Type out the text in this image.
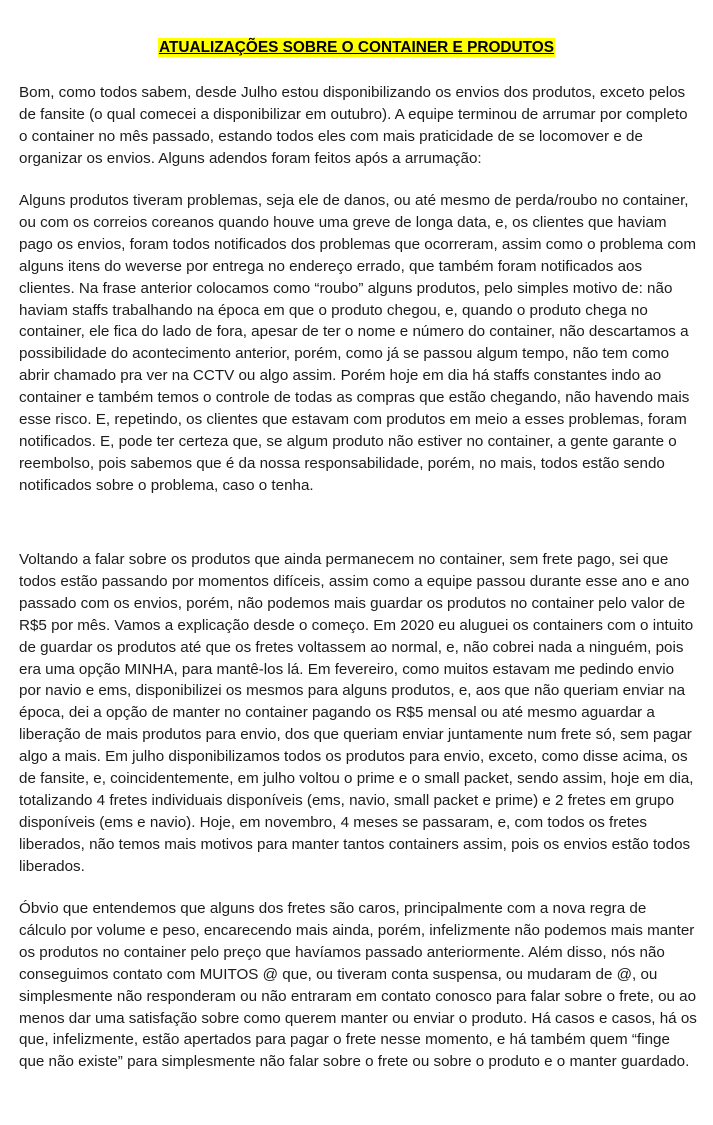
ATUALIZAÇÕES SOBRE O CONTAINER E PRODUTOS

Bom, como todos sabem, desde Julho estou disponibilizando os envios dos produtos, exceto pelos de fansite (o qual comecei a disponibilizar em outubro). A equipe terminou de arrumar por completo o container no mês passado, estando todos eles com mais praticidade de se locomover e de organizar os envios. Alguns adendos foram feitos após a arrumação:

Alguns produtos tiveram problemas, seja ele de danos, ou até mesmo de perda/roubo no container, ou com os correios coreanos quando houve uma greve de longa data, e, os clientes que haviam pago os envios, foram todos notificados dos problemas que ocorreram, assim como o problema com alguns itens do weverse por entrega no endereço errado, que também foram notificados aos clientes. Na frase anterior colocamos como “roubo” alguns produtos, pelo simples motivo de: não haviam staffs trabalhando na época em que o produto chegou, e, quando o produto chega no container, ele fica do lado de fora, apesar de ter o nome e número do container, não descartamos a possibilidade do acontecimento anterior, porém, como já se passou algum tempo, não tem como abrir chamado pra ver na CCTV ou algo assim. Porém hoje em dia há staffs constantes indo ao container e também temos o controle de todas as compras que estão chegando, não havendo mais esse risco. E, repetindo, os clientes que estavam com produtos em meio a esses problemas, foram notificados. E, pode ter certeza que, se algum produto não estiver no container, a gente garante o reembolso, pois sabemos que é da nossa responsabilidade, porém, no mais, todos estão sendo notificados sobre o problema, caso o tenha.

Voltando a falar sobre os produtos que ainda permanecem no container, sem frete pago, sei que todos estão passando por momentos difíceis, assim como a equipe passou durante esse ano e ano passado com os envios, porém, não podemos mais guardar os produtos no container pelo valor de R$5 por mês. Vamos a explicação desde o começo. Em 2020 eu aluguei os containers com o intuito de guardar os produtos até que os fretes voltassem ao normal, e, não cobrei nada a ninguém, pois era uma opção MINHA, para mantê-los lá. Em fevereiro, como muitos estavam me pedindo envio por navio e ems, disponibilizei os mesmos para alguns produtos, e, aos que não queriam enviar na época, dei a opção de manter no container pagando os R$5 mensal ou até mesmo aguardar a liberação de mais produtos para envio, dos que queriam enviar juntamente num frete só, sem pagar algo a mais. Em julho disponibilizamos todos os produtos para envio, exceto, como disse acima, os de fansite, e, coincidentemente, em julho voltou o prime e o small packet, sendo assim, hoje em dia, totalizando 4 fretes individuais disponíveis (ems, navio, small packet e prime) e 2 fretes em grupo disponíveis (ems e navio). Hoje, em novembro, 4 meses se passaram, e, com todos os fretes liberados, não temos mais motivos para manter tantos containers assim, pois os envios estão todos liberados.

Óbvio que entendemos que alguns dos fretes são caros, principalmente com a nova regra de cálculo por volume e peso, encarecendo mais ainda, porém, infelizmente não podemos mais manter os produtos no container pelo preço que havíamos passado anteriormente. Além disso, nós não conseguimos contato com MUITOS @ que, ou tiveram conta suspensa, ou mudaram de @, ou simplesmente não responderam ou não entraram em contato conosco para falar sobre o frete, ou ao menos dar uma satisfação sobre como querem manter ou enviar o produto. Há casos e casos, há os que, infelizmente, estão apertados para pagar o frete nesse momento, e há também quem “finge que não existe” para simplesmente não falar sobre o frete ou sobre o produto e o manter guardado.
